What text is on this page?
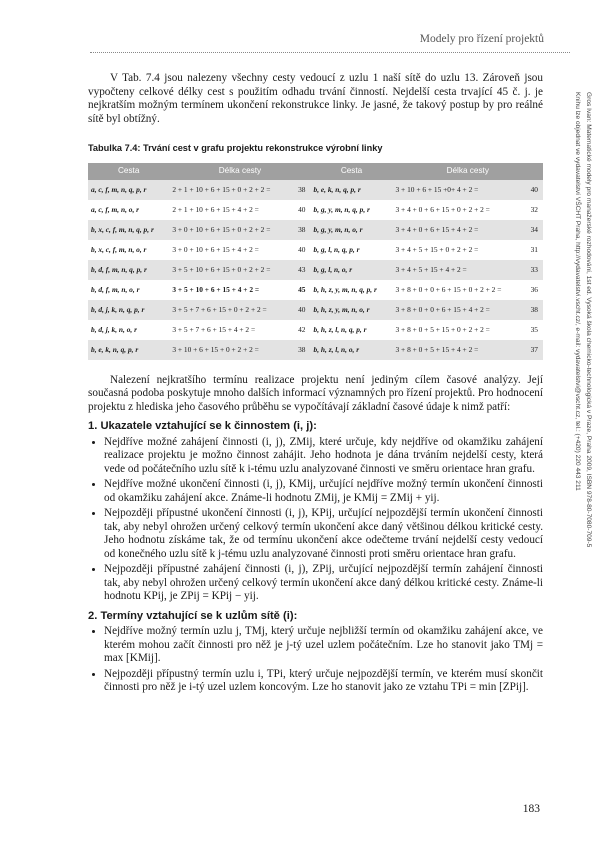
Modely pro řízení projektů
Gros Ivan: Matematické modely pro manažerské rozhodování, 1st ed. Vysoká škola chemicko-technologická v Praze, Praha 2009, ISBN 978-80-7080-709-5
Knihu lze objednat ve vydavatelství VŠCHT Praha, http://vydavatelstvi.vscht.cz/, e-mail: vydavatelstvi@vscht.cz, tel.: (+420) 220 443 211

V Tab. 7.4 jsou nalezeny všechny cesty vedoucí z uzlu 1 naší sítě do uzlu 13. Zároveň jsou vypočteny celkové délky cest s použitím odhadu trvání činností. Nejdelší cesta trvající 45 č. j. je nejkratším možným termínem ukončení rekonstrukce linky. Je jasné, že takový postup by pro reálné sítě byl obtížný.

Tabulka 7.4: Trvání cest v grafu projektu rekonstrukce výrobní linky
Cesta	Délka cesty		Cesta	Délka cesty	
a, c, f, m, n, q, p, r	2 + 1 + 10 + 6 + 15 + 0 + 2 + 2 =	38	b, e, k, n, q, p, r	3 + 10 + 6 + 15 +0+ 4 + 2 =	40
a, c, f, m, n, o, r	2 + 1 + 10 + 6 + 15 + 4 + 2 =	40	b, g, y, m, n, q, p, r	3 + 4 + 0 + 6 + 15 + 0 + 2 + 2 =	32
b, x, c, f, m, n, q, p, r	3 + 0 + 10 + 6 + 15 + 0 + 2 + 2 =	38	b, g, y, m, n, o, r	3 + 4 + 0 + 6 + 15 + 4 + 2 =	34
b, x, c, f, m, n, o, r	3 + 0 + 10 + 6 + 15 + 4 + 2 =	40	b, g, l, n, q, p, r	3 + 4 + 5 + 15 + 0 + 2 + 2 =	31
b, d, f, m, n, q, p, r	3 + 5 + 10 + 6 + 15 + 0 + 2 + 2 =	43	b, g, l, n, o, r	3 + 4 + 5 + 15 + 4 + 2 =	33
b, d, f, m, n, o, r	3 + 5 + 10 + 6 + 15 + 4 + 2 =	45	b, h, z, y, m, n, q, p, r	3 + 8 + 0 + 0 + 6 + 15 + 0 + 2 + 2 =	36
b, d, j, k, n, q, p, r	3 + 5 + 7 + 6 + 15 + 0 + 2 + 2 =	40	b, h, z, y, m, n, o, r	3 + 8 + 0 + 0 + 6 + 15 + 4 + 2 =	38
b, d, j, k, n, o, r	3 + 5 + 7 + 6 + 15 + 4 + 2 =	42	b, h, z, l, n, q, p, r	3 + 8 + 0 + 5 + 15 + 0 + 2 + 2 =	35
b, e, k, n, q, p, r	3 + 10 + 6 + 15 + 0 + 2 + 2 =	38	b, h, z, l, n, o, r	3 + 8 + 0 + 5 + 15 + 4 + 2 =	37

Nalezení nejkratšího termínu realizace projektu není jediným cílem časové analýzy. Její současná podoba poskytuje mnoho dalších informací významných pro řízení projektů. Pro hodnocení projektu z hlediska jeho časového průběhu se vypočítávají základní časové údaje k nimž patří:

1. Ukazatele vztahující se k činnostem (i, j):
• Nejdříve možné zahájení činnosti (i, j), ZMij, které určuje, kdy nejdříve od okamžiku zahájení realizace projektu je možno činnost zahájit. Jeho hodnota je dána trváním nejdelší cesty, která vede od počátečního uzlu sítě k i-tému uzlu analyzované činnosti ve směru orientace hran grafu.
• Nejdříve možné ukončení činnosti (i, j), KMij, určující nejdříve možný termín ukončení činnosti od okamžiku zahájení akce. Známe-li hodnotu ZMij, je KMij = ZMij + yij.
• Nejpozději přípustné ukončení činnosti (i, j), KPij, určující nejpozdější termín ukončení činnosti tak, aby nebyl ohrožen určený celkový termín ukončení akce daný většinou délkou kritické cesty. Jeho hodnotu získáme tak, že od termínu ukončení akce odečteme trvání nejdelší cesty vedoucí od konečného uzlu sítě k j-tému uzlu analyzované činnosti proti směru orientace hran grafu.
• Nejpozději přípustné zahájení činnosti (i, j), ZPij, určující nejpozdější termín zahájení činnosti tak, aby nebyl ohrožen určený celkový termín ukončení akce daný délkou kritické cesty. Známe-li hodnotu KPij, je ZPij = KPij − yij.
2. Termíny vztahující se k uzlům sítě (i):
• Nejdříve možný termín uzlu j, TMj, který určuje nejbližší termín od okamžiku zahájení akce, ve kterém mohou začít činnosti pro něž je j-tý uzel uzlem počátečním. Lze ho stanovit jako TMj = max [KMij].
• Nejpozději přípustný termín uzlu i, TPi, který určuje nejpozdější termín, ve kterém musí skončit činnosti pro něž je i-tý uzel uzlem koncovým. Lze ho stanovit jako ze vztahu TPi = min [ZPij].
183
